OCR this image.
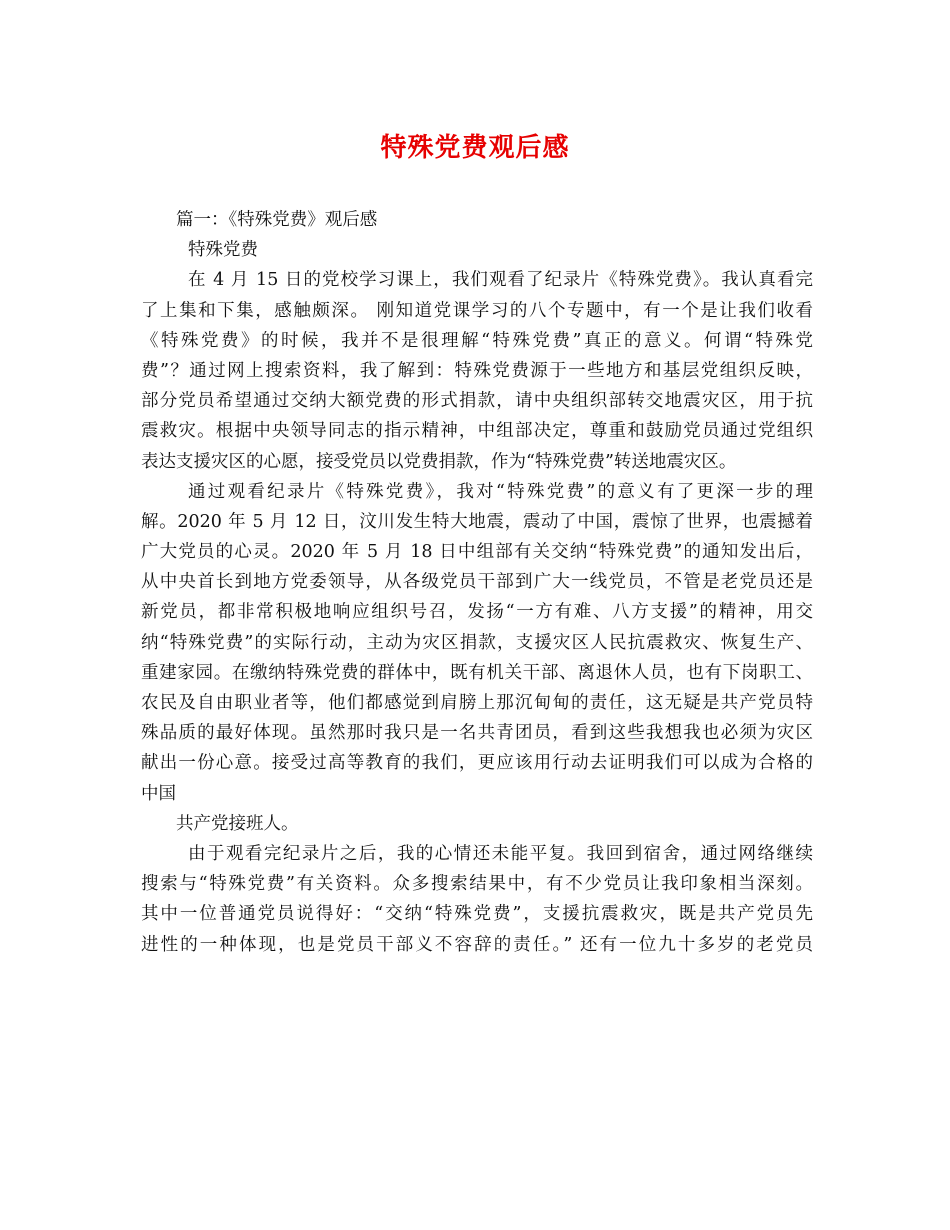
特殊党费观后感
篇一：《特殊党费》观后感
特殊党费
在 4 月 15 日的党校学习课上，我们观看了纪录片《特殊党费》。我认真看完
了上集和下集，感触颇深。 刚知道党课学习的八个专题中，有一个是让我们收看
《特殊党费》的时候，我并不是很理解“特殊党费”真正的意义。何谓“特殊党
费”？通过网上搜索资料，我了解到：特殊党费源于一些地方和基层党组织反映，
部分党员希望通过交纳大额党费的形式捐款，请中央组织部转交地震灾区，用于抗
震救灾。根据中央领导同志的指示精神，中组部决定，尊重和鼓励党员通过党组织
表达支援灾区的心愿，接受党员以党费捐款，作为“特殊党费”转送地震灾区。
通过观看纪录片《特殊党费》，我对“特殊党费”的意义有了更深一步的理
解。2020 年 5 月 12 日，汶川发生特大地震，震动了中国，震惊了世界，也震撼着
广大党员的心灵。2020 年 5 月 18 日中组部有关交纳“特殊党费”的通知发出后，
从中央首长到地方党委领导，从各级党员干部到广大一线党员，不管是老党员还是
新党员，都非常积极地响应组织号召，发扬“一方有难、八方支援”的精神，用交
纳“特殊党费”的实际行动，主动为灾区捐款，支援灾区人民抗震救灾、恢复生产、
重建家园。在缴纳特殊党费的群体中，既有机关干部、离退休人员，也有下岗职工、
农民及自由职业者等，他们都感觉到肩膀上那沉甸甸的责任，这无疑是共产党员特
殊品质的最好体现。虽然那时我只是一名共青团员，看到这些我想我也必须为灾区
献出一份心意。接受过高等教育的我们，更应该用行动去证明我们可以成为合格的
中国
共产党接班人。
由于观看完纪录片之后，我的心情还未能平复。我回到宿舍，通过网络继续
搜索与“特殊党费”有关资料。众多搜索结果中，有不少党员让我印象相当深刻。
其中一位普通党员说得好：“交纳“特殊党费”，支援抗震救灾，既是共产党员先
进性的一种体现，也是党员干部义不容辞的责任。” 还有一位九十多岁的老党员
